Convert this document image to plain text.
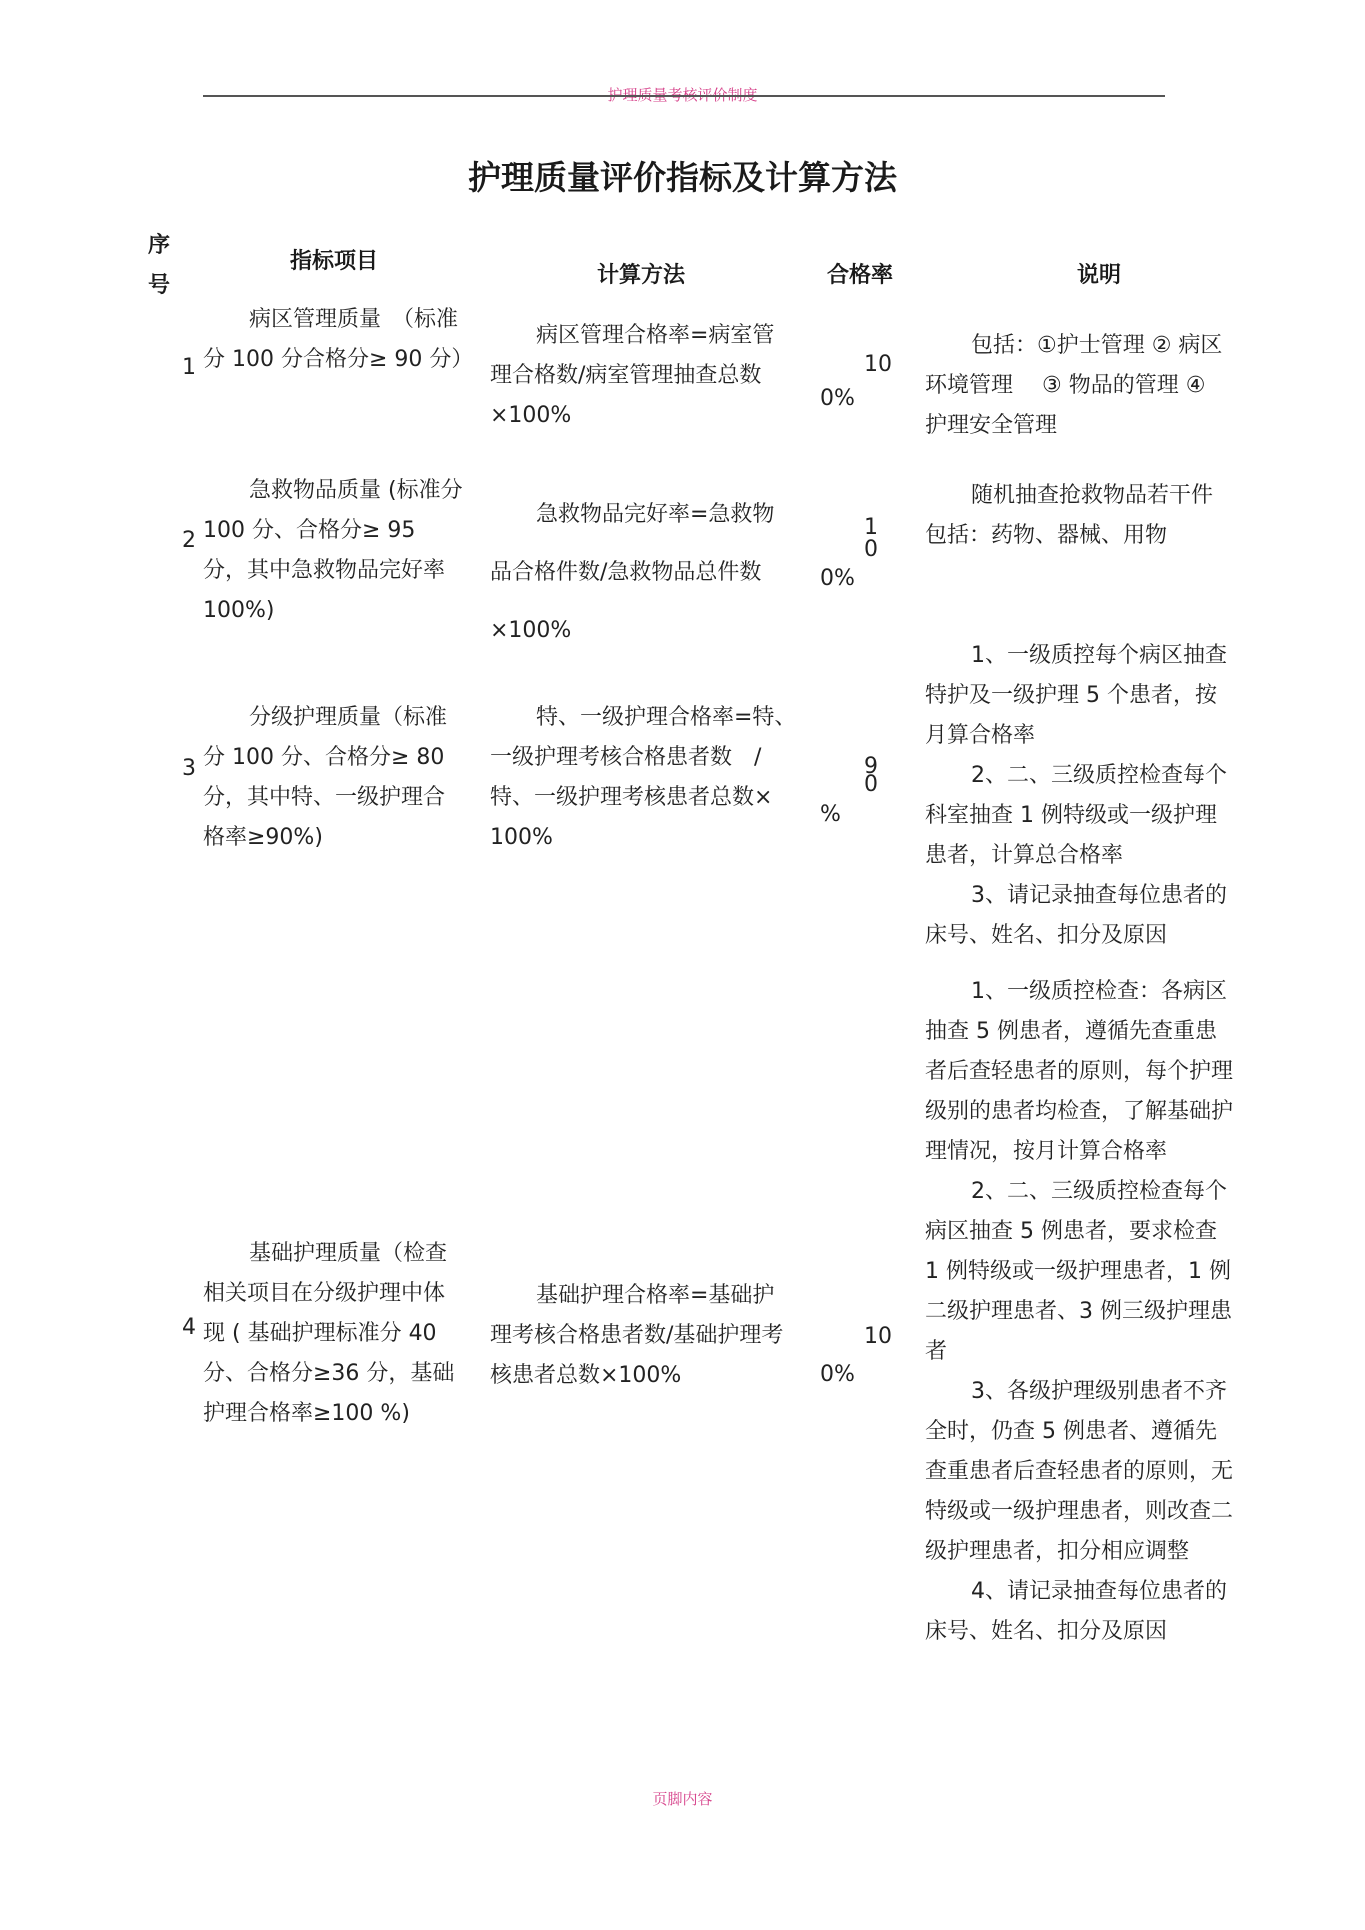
护理质量考核评价制度
护理质量评价指标及计算方法
序号
指标项目
计算方法	合格率	说明
1
病区管理质量　（标准分 100 分合格分≥ 90 分）
病区管理合格率=病室管理合格数/病室管理抽查总数×100%
10
0%
包括：①护士管理 ② 病区环境管理　 ③ 物品的管理 ④ 护理安全管理
2
急救物品质量 (标准分 100 分、合格分≥ 95 分，其中急救物品完好率 100%)
急救物品完好率=急救物品合格件数/急救物品总件数×100%
10
0%
随机抽查抢救物品若干件包括：药物、器械、用物
3
分级护理质量（标准分 100 分、合格分≥ 80 分，其中特、一级护理合格率≥90%)
特、一级护理合格率=特、一级护理考核合格患者数　/ 特、一级护理考核患者总数× 100%
90
%
1、一级质控每个病区抽查特护及一级护理 5 个患者，按月算合格率
2、二、三级质控检查每个科室抽查 1 例特级或一级护理患者，计算总合格率
3、请记录抽查每位患者的床号、姓名、扣分及原因
4
基础护理质量（检查相关项目在分级护理中体现 ( 基础护理标准分 40 分、合格分≥36 分，基础护理合格率≥100 %)
基础护理合格率=基础护理考核合格患者数/基础护理考核患者总数×100%
10
0%
1、一级质控检查：各病区抽查 5 例患者，遵循先查重患者后查轻患者的原则，每个护理级别的患者均检查，了解基础护理情况，按月计算合格率
2、二、三级质控检查每个病区抽查 5 例患者，要求检查 1 例特级或一级护理患者，1 例二级护理患者、3 例三级护理患者
3、各级护理级别患者不齐全时，仍查 5 例患者、遵循先查重患者后查轻患者的原则，无特级或一级护理患者，则改查二级护理患者，扣分相应调整
4、请记录抽查每位患者的床号、姓名、扣分及原因
页脚内容
